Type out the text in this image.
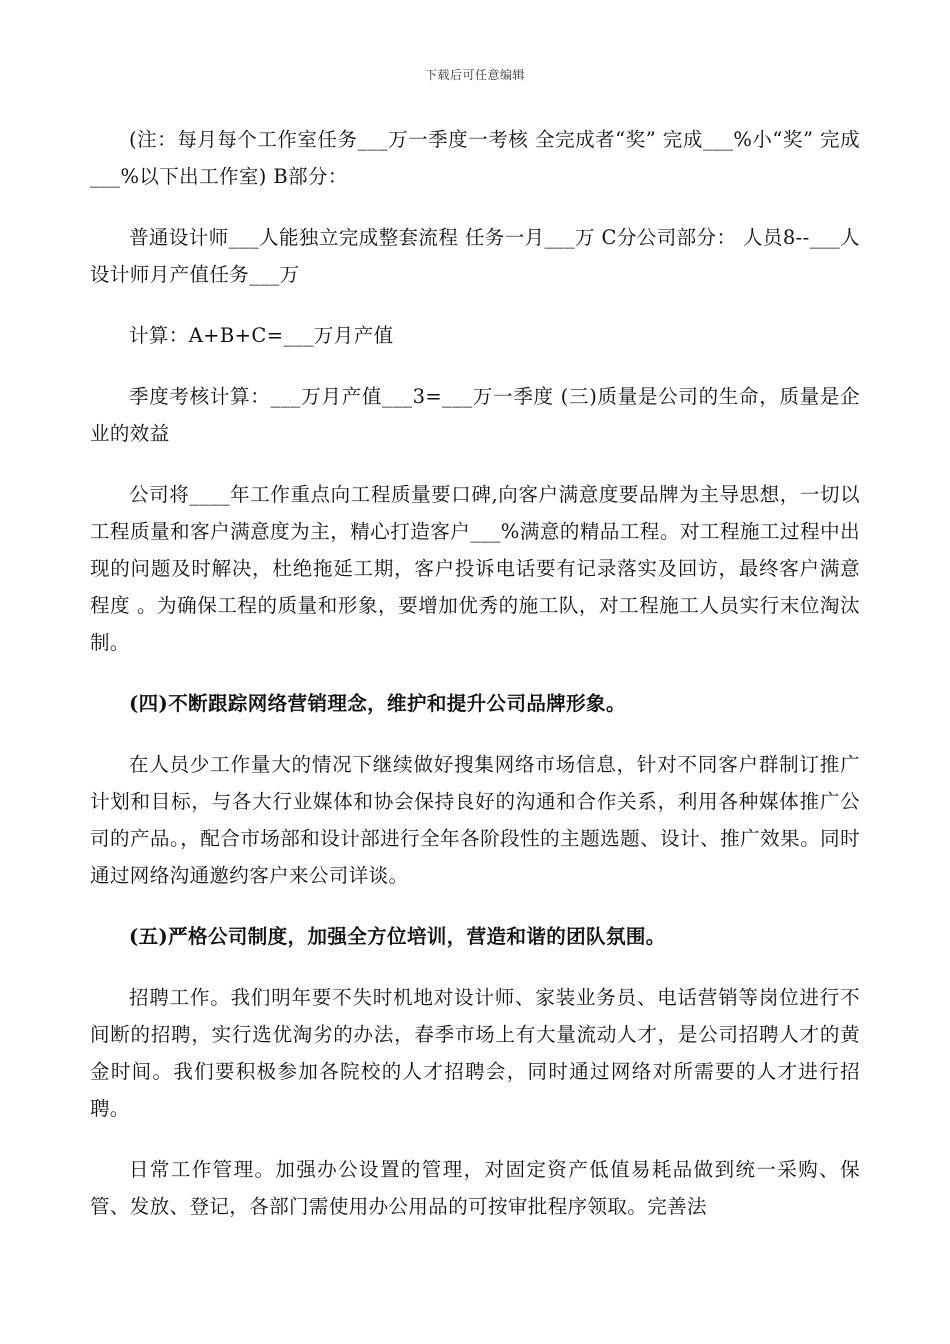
下载后可任意编辑

(注：每月每个工作室任务___万一季度一考核 全完成者“奖” 完成___%小“奖” 完成___%以下出工作室) B部分：

普通设计师___人能独立完成整套流程 任务一月___万 C分公司部分： 人员8--___人设计师月产值任务___万

计算：A+B+C=___万月产值

季度考核计算：___万月产值___3=___万一季度 (三)质量是公司的生命，质量是企业的效益

公司将____年工作重点向工程质量要口碑,向客户满意度要品牌为主导思想，一切以工程质量和客户满意度为主，精心打造客户___%满意的精品工程。对工程施工过程中出现的问题及时解决，杜绝拖延工期，客户投诉电话要有记录落实及回访，最终客户满意程度 。为确保工程的质量和形象，要增加优秀的施工队，对工程施工人员实行末位淘汰制。

(四)不断跟踪网络营销理念，维护和提升公司品牌形象。

在人员少工作量大的情况下继续做好搜集网络市场信息，针对不同客户群制订推广计划和目标，与各大行业媒体和协会保持良好的沟通和合作关系，利用各种媒体推广公司的产品。，配合市场部和设计部进行全年各阶段性的主题选题、设计、推广效果。同时通过网络沟通邀约客户来公司详谈。

(五)严格公司制度，加强全方位培训，营造和谐的团队氛围。

招聘工作。我们明年要不失时机地对设计师、家装业务员、电话营销等岗位进行不间断的招聘，实行选优淘劣的办法，春季市场上有大量流动人才，是公司招聘人才的黄金时间。我们要积极参加各院校的人才招聘会，同时通过网络对所需要的人才进行招聘。

日常工作管理。加强办公设置的管理，对固定资产低值易耗品做到统一采购、保管、发放、登记，各部门需使用办公用品的可按审批程序领取。完善法
